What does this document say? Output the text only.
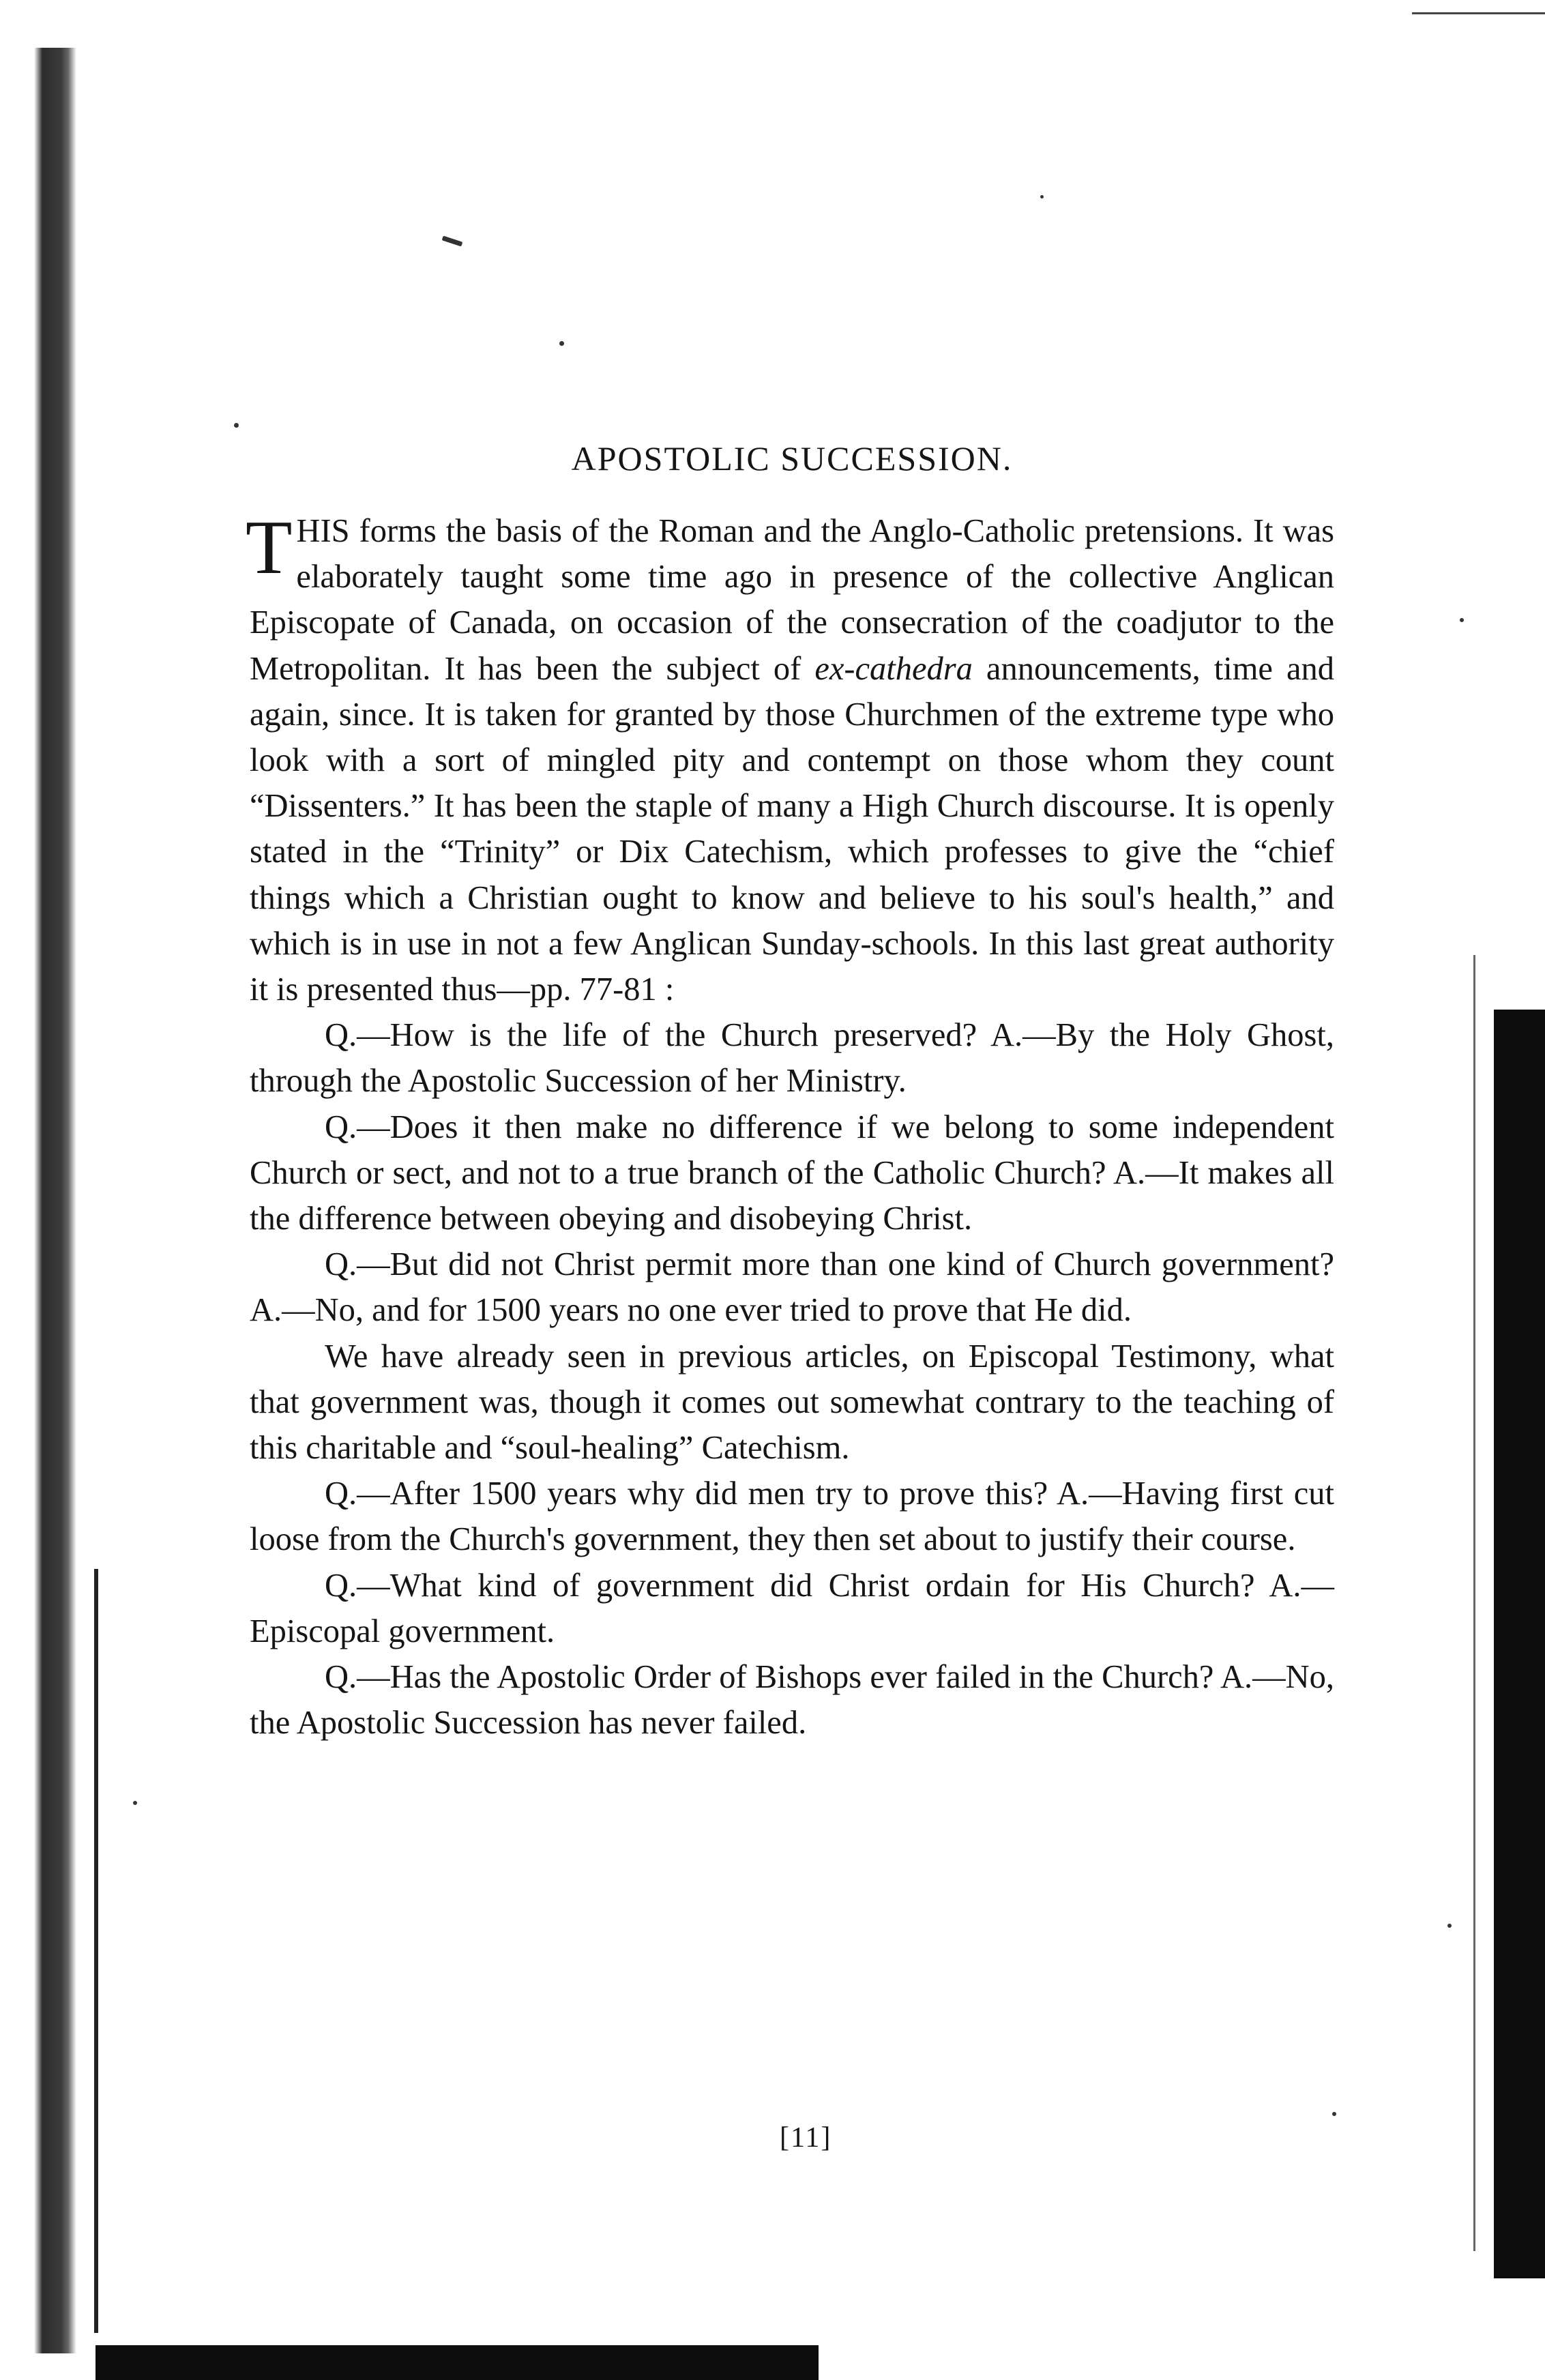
APOSTOLIC SUCCESSION.

THIS forms the basis of the Roman and the Anglo-Catholic pretensions. It was elaborately taught some time ago in presence of the collective Anglican Episcopate of Canada, on occasion of the consecration of the coadjutor to the Metropolitan. It has been the subject of ex-cathedra announcements, time and again, since. It is taken for granted by those Churchmen of the extreme type who look with a sort of mingled pity and contempt on those whom they count “Dissenters.” It has been the staple of many a High Church discourse. It is openly stated in the “Trinity” or Dix Catechism, which professes to give the “chief things which a Christian ought to know and believe to his soul's health,” and which is in use in not a few Anglican Sunday-schools. In this last great authority it is presented thus—pp. 77-81 :

Q.—How is the life of the Church preserved? A.—By the Holy Ghost, through the Apostolic Succession of her Ministry.

Q.—Does it then make no difference if we belong to some independent Church or sect, and not to a true branch of the Catholic Church? A.—It makes all the difference between obeying and disobeying Christ.

Q.—But did not Christ permit more than one kind of Church government? A.—No, and for 1500 years no one ever tried to prove that He did.

We have already seen in previous articles, on Episcopal Testimony, what that government was, though it comes out somewhat contrary to the teaching of this charitable and “soul-healing” Catechism.

Q.—After 1500 years why did men try to prove this? A.—Having first cut loose from the Church's government, they then set about to justify their course.

Q.—What kind of government did Christ ordain for His Church? A.—Episcopal government.

Q.—Has the Apostolic Order of Bishops ever failed in the Church? A.—No, the Apostolic Succession has never failed.

[11]
